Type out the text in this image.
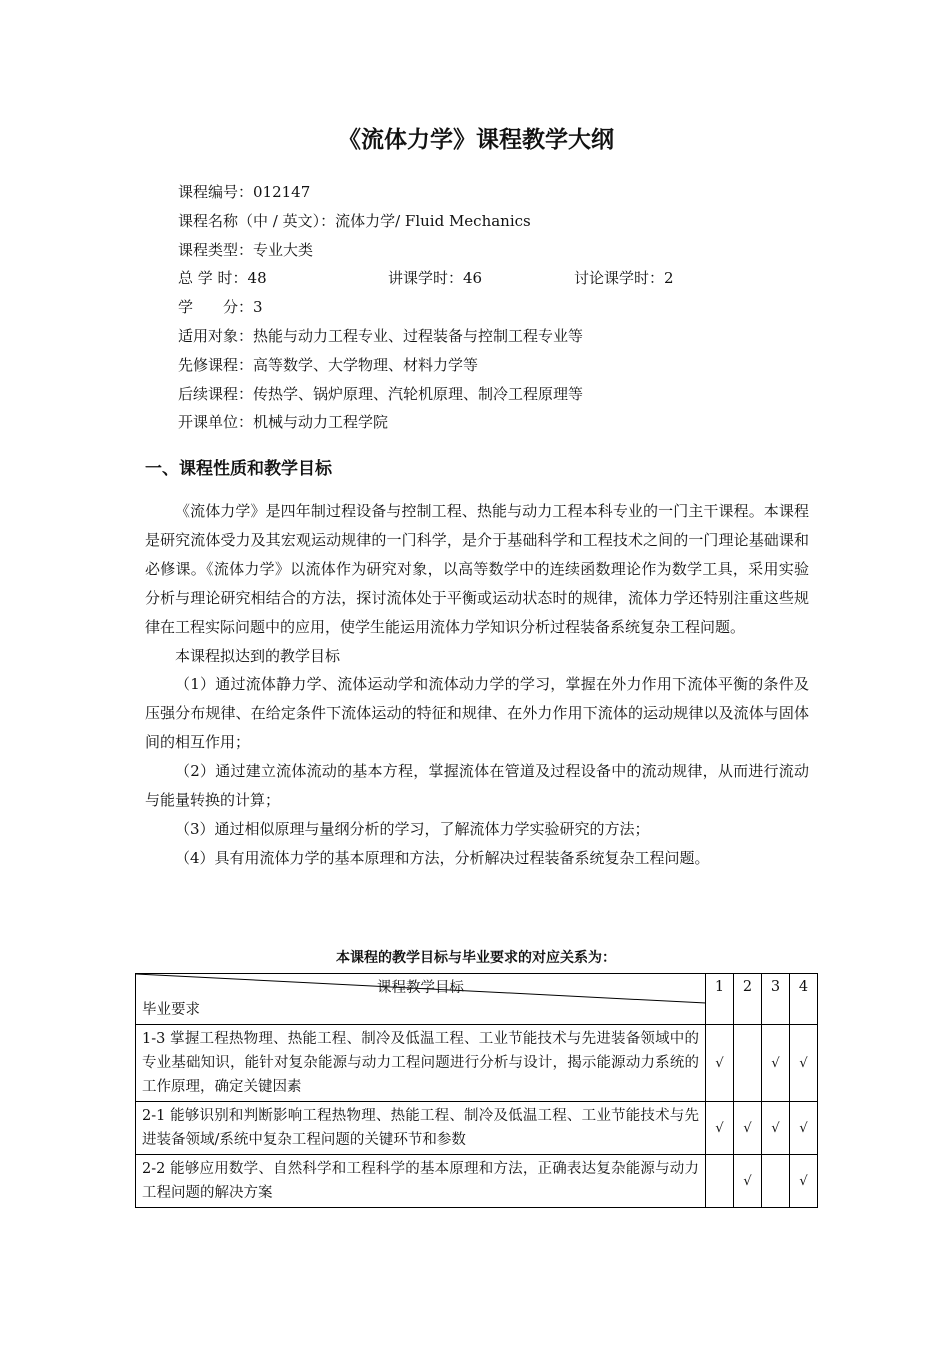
《流体力学》课程教学大纲
课程编号：012147
课程名称（中 / 英文）：流体力学/ Fluid Mechanics
课程类型：专业大类
总 学 时：48	讲课学时：46	讨论课学时：2
学　　分：3
适用对象：热能与动力工程专业、过程装备与控制工程专业等
先修课程：高等数学、大学物理、材料力学等
后续课程：传热学、锅炉原理、汽轮机原理、制冷工程原理等
开课单位：机械与动力工程学院
一、课程性质和教学目标

《流体力学》是四年制过程设备与控制工程、热能与动力工程本科专业的一门主干课程。本课程是研究流体受力及其宏观运动规律的一门科学，是介于基础科学和工程技术之间的一门理论基础课和必修课。《流体力学》以流体作为研究对象，以高等数学中的连续函数理论作为数学工具，采用实验分析与理论研究相结合的方法，探讨流体处于平衡或运动状态时的规律，流体力学还特别注重这些规律在工程实际问题中的应用，使学生能运用流体力学知识分析过程装备系统复杂工程问题。

本课程拟达到的教学目标

（1）通过流体静力学、流体运动学和流体动力学的学习，掌握在外力作用下流体平衡的条件及压强分布规律、在给定条件下流体运动的特征和规律、在外力作用下流体的运动规律以及流体与固体间的相互作用；

（2）通过建立流体流动的基本方程，掌握流体在管道及过程设备中的流动规律，从而进行流动与能量转换的计算；

（3）通过相似原理与量纲分析的学习，了解流体力学实验研究的方法；

（4）具有用流体力学的基本原理和方法，分析解决过程装备系统复杂工程问题。

本课程的教学目标与毕业要求的对应关系为：
课程教学目标
毕业要求	1	2	3	4
1-3 掌握工程热物理、热能工程、制冷及低温工程、工业节能技术与先进装备领域中的专业基础知识，能针对复杂能源与动力工程问题进行分析与设计，揭示能源动力系统的工作原理，确定关键因素	√		√	√
2-1 能够识别和判断影响工程热物理、热能工程、制冷及低温工程、工业节能技术与先进装备领域/系统中复杂工程问题的关键环节和参数	√	√	√	√
2-2 能够应用数学、自然科学和工程科学的基本原理和方法，正确表达复杂能源与动力工程问题的解决方案		√		√
